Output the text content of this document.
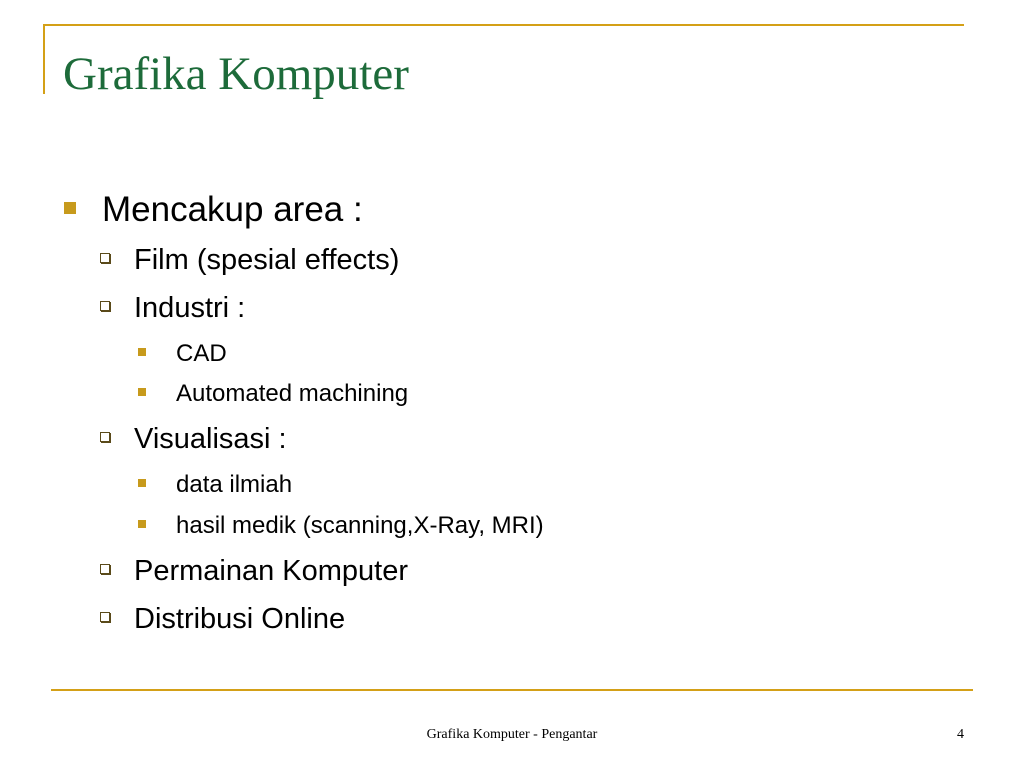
Grafika Komputer
Mencakup area :
Film (spesial effects)
Industri :
CAD
Automated machining
Visualisasi :
data ilmiah
hasil medik (scanning,X-Ray, MRI)
Permainan Komputer
Distribusi Online
Grafika Komputer - Pengantar	4
